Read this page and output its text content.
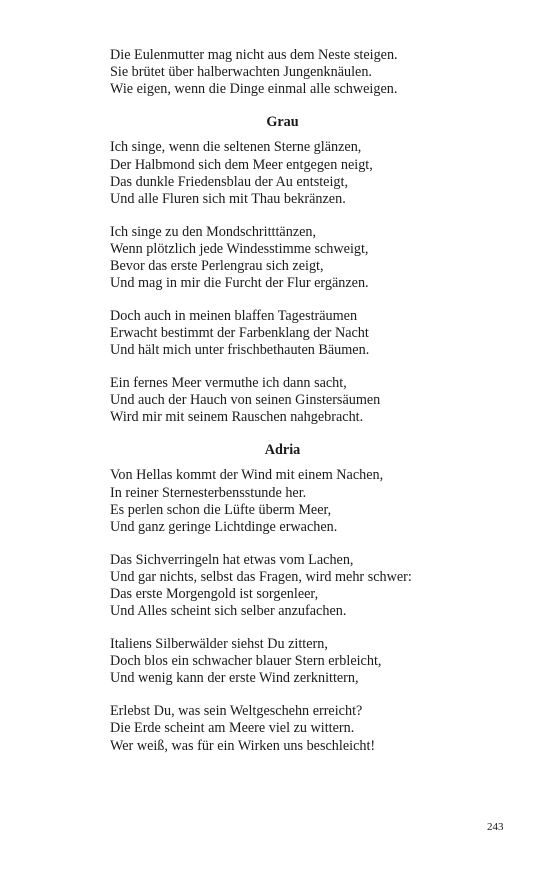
Die Eulenmutter mag nicht aus dem Neste steigen.
Sie brütet über halberwachten Jungenknäulen.
Wie eigen, wenn die Dinge einmal alle schweigen.
Grau
Ich singe, wenn die seltenen Sterne glänzen,
Der Halbmond sich dem Meer entgegen neigt,
Das dunkle Friedensblau der Au entsteigt,
Und alle Fluren sich mit Thau bekränzen.
Ich singe zu den Mondschritttänzen,
Wenn plötzlich jede Windesstimme schweigt,
Bevor das erste Perlengrau sich zeigt,
Und mag in mir die Furcht der Flur ergänzen.
Doch auch in meinen blaffen Tagesträumen
Erwacht bestimmt der Farbenklang der Nacht
Und hält mich unter frischbethauten Bäumen.
Ein fernes Meer vermuthe ich dann sacht,
Und auch der Hauch von seinen Ginstersäumen
Wird mir mit seinem Rauschen nahgebracht.
Adria
Von Hellas kommt der Wind mit einem Nachen,
In reiner Sternesterbensstunde her.
Es perlen schon die Lüfte überm Meer,
Und ganz geringe Lichtdinge erwachen.
Das Sichverringeln hat etwas vom Lachen,
Und gar nichts, selbst das Fragen, wird mehr schwer:
Das erste Morgengold ist sorgenleer,
Und Alles scheint sich selber anzufachen.
Italiens Silberwälder siehst Du zittern,
Doch blos ein schwacher blauer Stern erbleicht,
Und wenig kann der erste Wind zerknittern,
Erlebst Du, was sein Weltgeschehn erreicht?
Die Erde scheint am Meere viel zu wittern.
Wer weiß, was für ein Wirken uns beschleicht!
243
